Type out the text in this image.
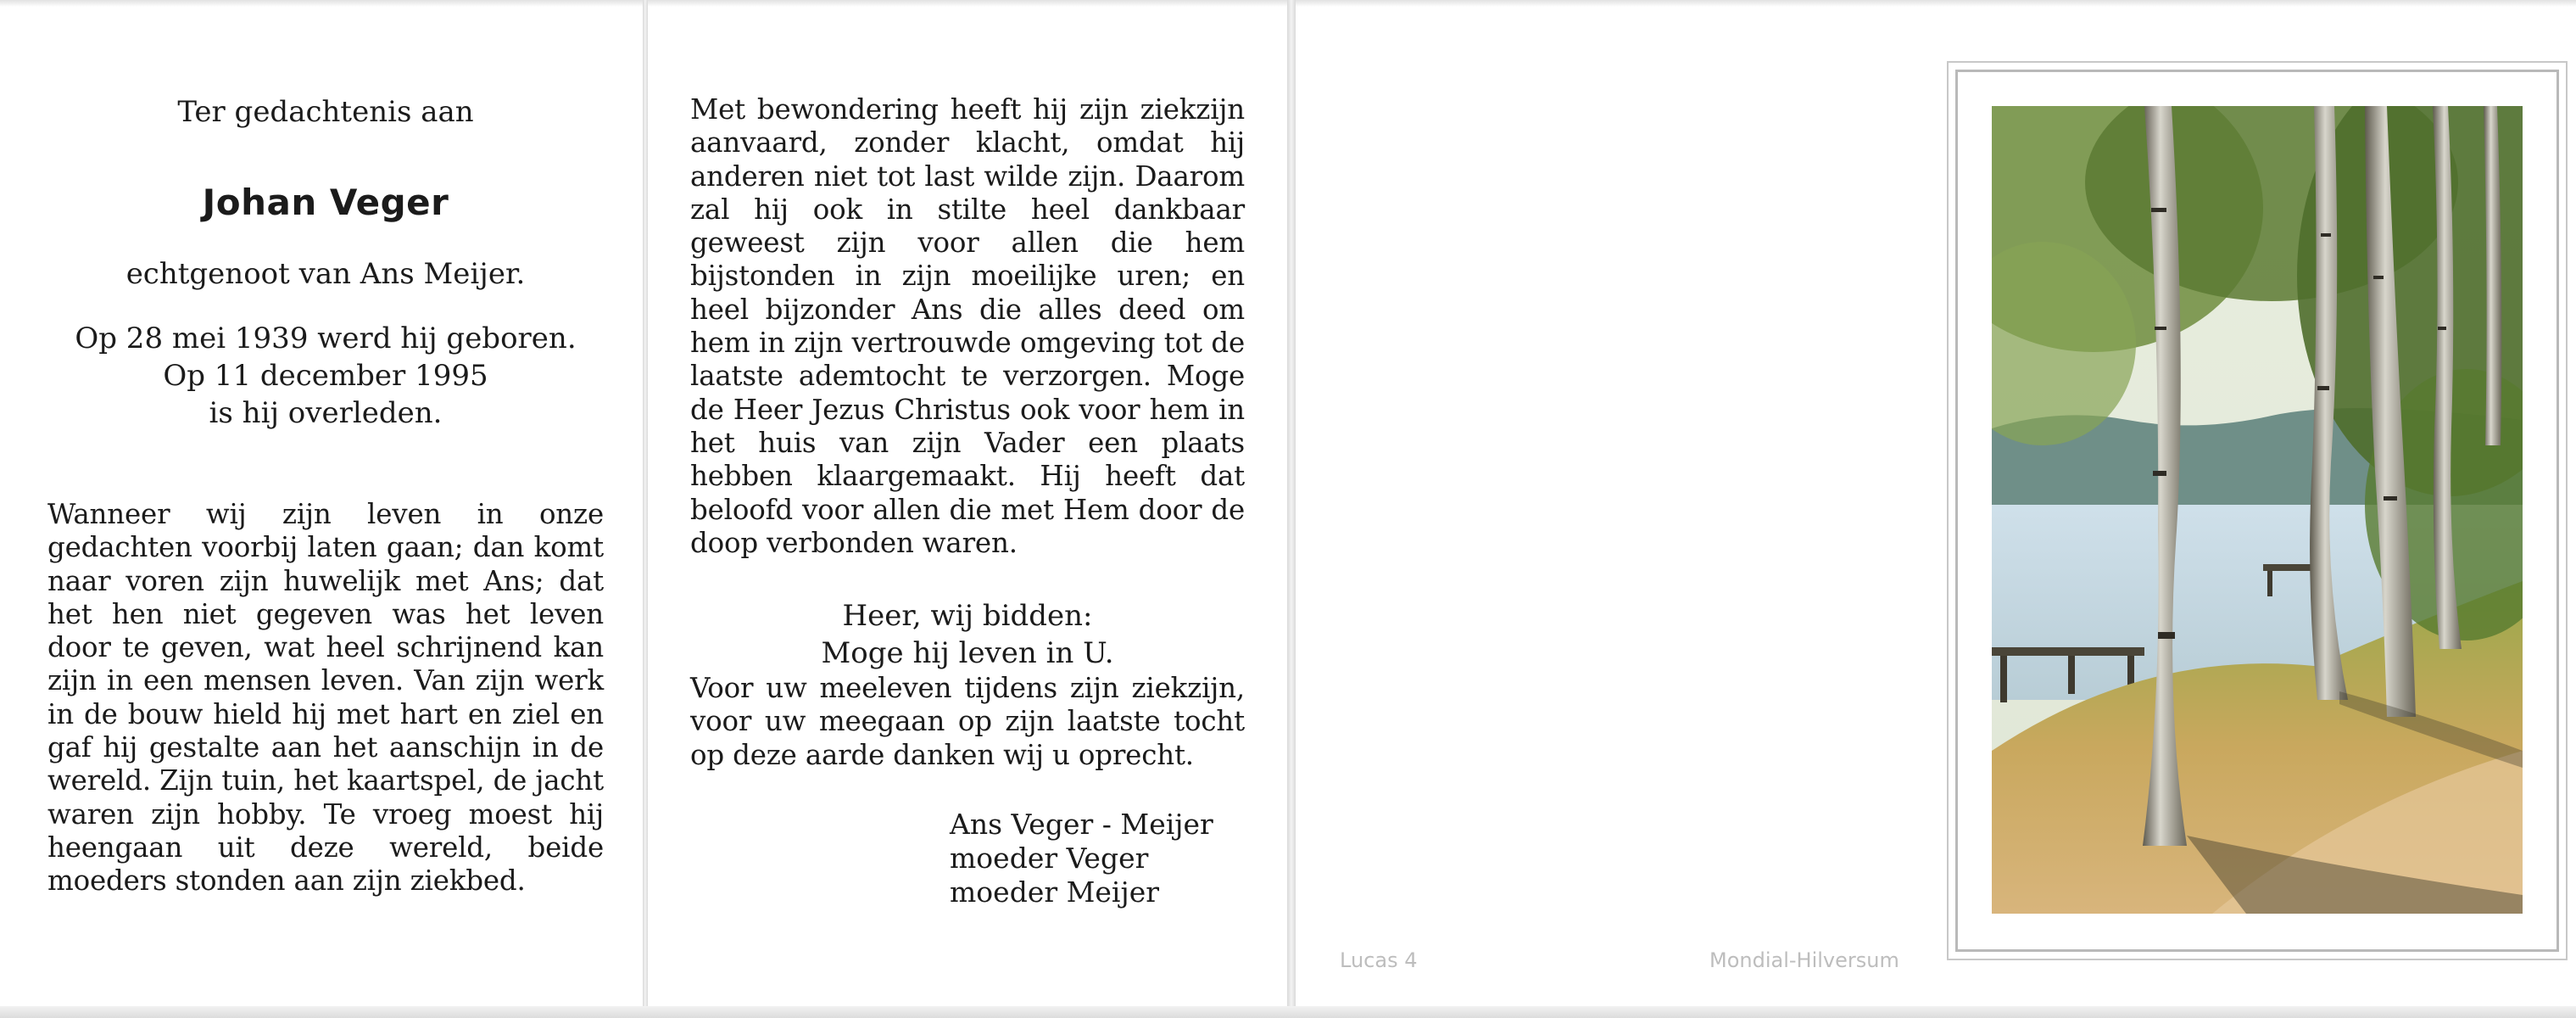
Ter gedachtenis aan
Johan Veger
echtgenoot van Ans Meijer.
Op 28 mei 1939 werd hij geboren.
Op 11 december 1995
is hij overleden.
Wanneer wij zijn leven in onze gedachten voorbij laten gaan; dan komt naar voren zijn huwelijk met Ans; dat het hen niet gegeven was het leven door te geven, wat heel schrijnend kan zijn in een mensen leven. Van zijn werk in de bouw hield hij met hart en ziel en gaf hij gestalte aan het aanschijn in de wereld. Zijn tuin, het kaartspel, de jacht waren zijn hobby. Te vroeg moest hij heengaan uit deze wereld, beide moeders stonden aan zijn ziekbed.
Met bewondering heeft hij zijn ziekzijn aanvaard, zonder klacht, omdat hij anderen niet tot last wilde zijn. Daarom zal hij ook in stilte heel dankbaar geweest zijn voor allen die hem bijstonden in zijn moeilijke uren; en heel bijzonder Ans die alles deed om hem in zijn vertrouwde omgeving tot de laatste ademtocht te verzorgen. Moge de Heer Jezus Christus ook voor hem in het huis van zijn Vader een plaats hebben klaargemaakt. Hij heeft dat beloofd voor allen die met Hem door de doop verbonden waren.
Heer, wij bidden:
Moge hij leven in U.
Voor uw meeleven tijdens zijn ziekzijn, voor uw meegaan op zijn laatste tocht op deze aarde danken wij u oprecht.
Ans Veger - Meijer
moeder Veger
moeder Meijer
Lucas 4	Mondial-Hilversum
